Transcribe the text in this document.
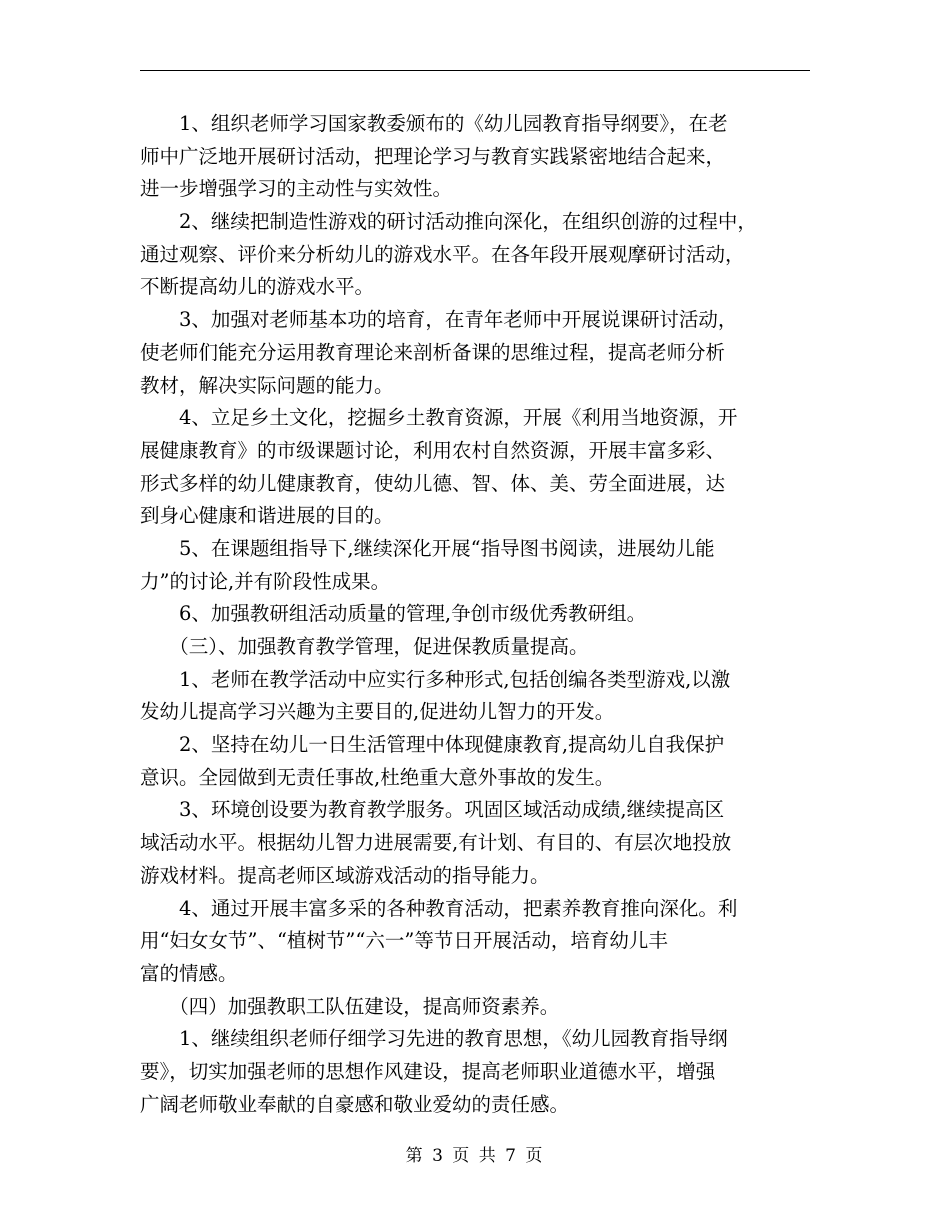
　　1、组织老师学习国家教委颁布的《幼儿园教育指导纲要》，在老
师中广泛地开展研讨活动，把理论学习与教育实践紧密地结合起来，
进一步增强学习的主动性与实效性。
　　2、继续把制造性游戏的研讨活动推向深化，在组织创游的过程中，
通过观察、评价来分析幼儿的游戏水平。在各年段开展观摩研讨活动，
不断提高幼儿的游戏水平。
　　3、加强对老师基本功的培育，在青年老师中开展说课研讨活动，
使老师们能充分运用教育理论来剖析备课的思维过程，提高老师分析
教材，解决实际问题的能力。
　　4、立足乡土文化，挖掘乡土教育资源，开展《利用当地资源，开
展健康教育》的市级课题讨论，利用农村自然资源，开展丰富多彩、
形式多样的幼儿健康教育，使幼儿德、智、体、美、劳全面进展，达
到身心健康和谐进展的目的。
　　5、在课题组指导下,继续深化开展“指导图书阅读，进展幼儿能
力”的讨论,并有阶段性成果。
　　6、加强教研组活动质量的管理,争创市级优秀教研组。
　　（三）、加强教育教学管理，促进保教质量提高。
　　1、老师在教学活动中应实行多种形式,包括创编各类型游戏,以激
发幼儿提高学习兴趣为主要目的,促进幼儿智力的开发。
　　2、坚持在幼儿一日生活管理中体现健康教育,提高幼儿自我保护
意识。全园做到无责任事故,杜绝重大意外事故的发生。
　　3、环境创设要为教育教学服务。巩固区域活动成绩,继续提高区
域活动水平。根据幼儿智力进展需要,有计划、有目的、有层次地投放
游戏材料。提高老师区域游戏活动的指导能力。
　　4、通过开展丰富多采的各种教育活动，把素养教育推向深化。利
用“妇女女节”、“植树节”“六一”等节日开展活动，培育幼儿丰
富的情感。
　　（四）加强教职工队伍建设，提高师资素养。
　　1、继续组织老师仔细学习先进的教育思想，《幼儿园教育指导纲
要》，切实加强老师的思想作风建设，提高老师职业道德水平，增强
广阔老师敬业奉献的自豪感和敬业爱幼的责任感。
第 3 页 共 7 页
